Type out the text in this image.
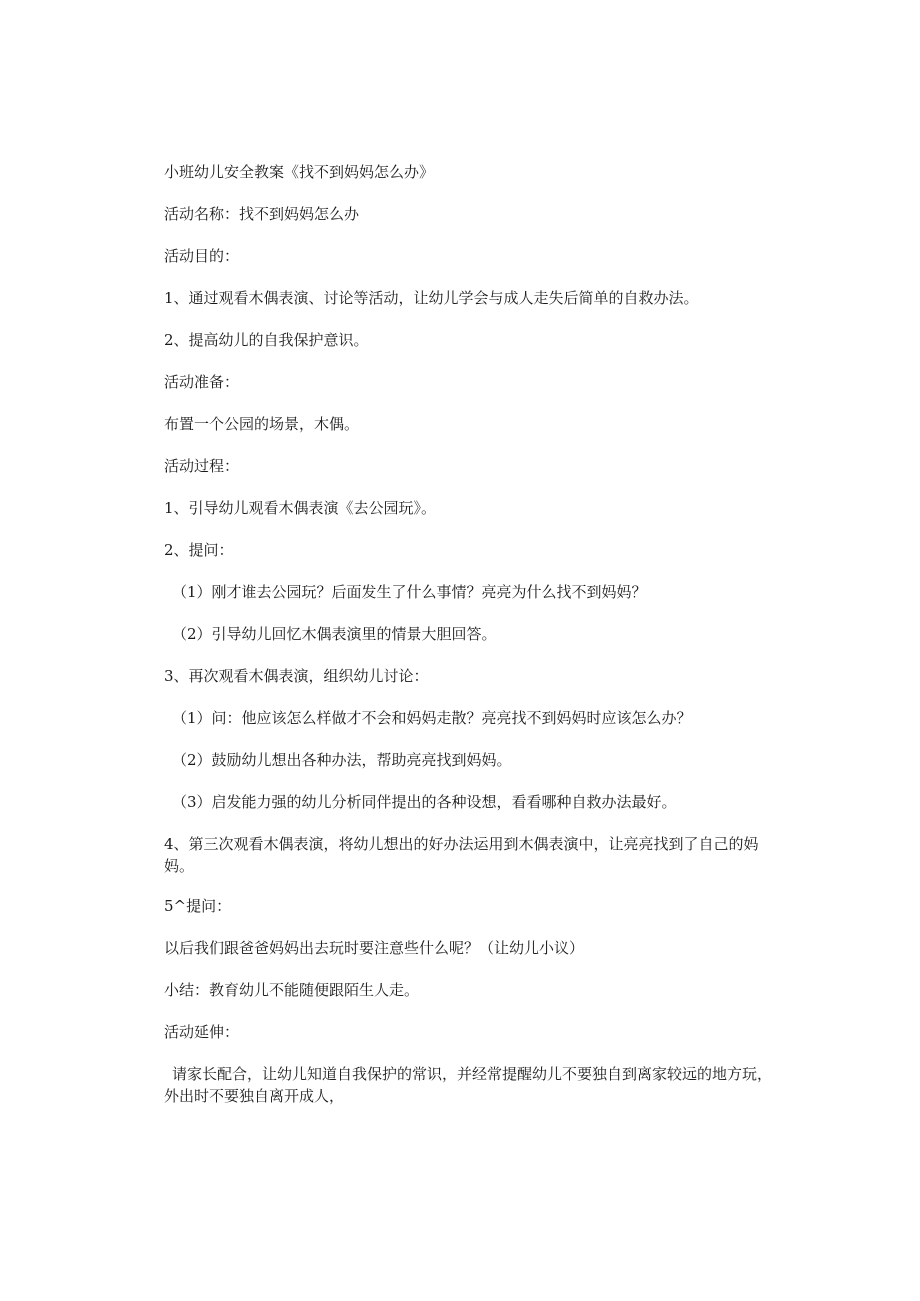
小班幼儿安全教案《找不到妈妈怎么办》
活动名称：找不到妈妈怎么办
活动目的：
1、通过观看木偶表演、讨论等活动，让幼儿学会与成人走失后简单的自救办法。
2、提高幼儿的自我保护意识。
活动准备：
布置一个公园的场景，木偶。
活动过程：
1、引导幼儿观看木偶表演《去公园玩》。
2、提问：
（1）刚才谁去公园玩？后面发生了什么事情？亮亮为什么找不到妈妈？
（2）引导幼儿回忆木偶表演里的情景大胆回答。
3、再次观看木偶表演，组织幼儿讨论：
（1）问：他应该怎么样做才不会和妈妈走散？亮亮找不到妈妈时应该怎么办？
（2）鼓励幼儿想出各种办法，帮助亮亮找到妈妈。
（3）启发能力强的幼儿分析同伴提出的各种设想，看看哪种自救办法最好。
4、第三次观看木偶表演，将幼儿想出的好办法运用到木偶表演中，让亮亮找到了自己的妈妈。
5^提问：
以后我们跟爸爸妈妈出去玩时要注意些什么呢？（让幼儿小议）
小结：教育幼儿不能随便跟陌生人走。
活动延伸：
请家长配合，让幼儿知道自我保护的常识，并经常提醒幼儿不要独自到离家较远的地方玩，外出时不要独自离开成人，
